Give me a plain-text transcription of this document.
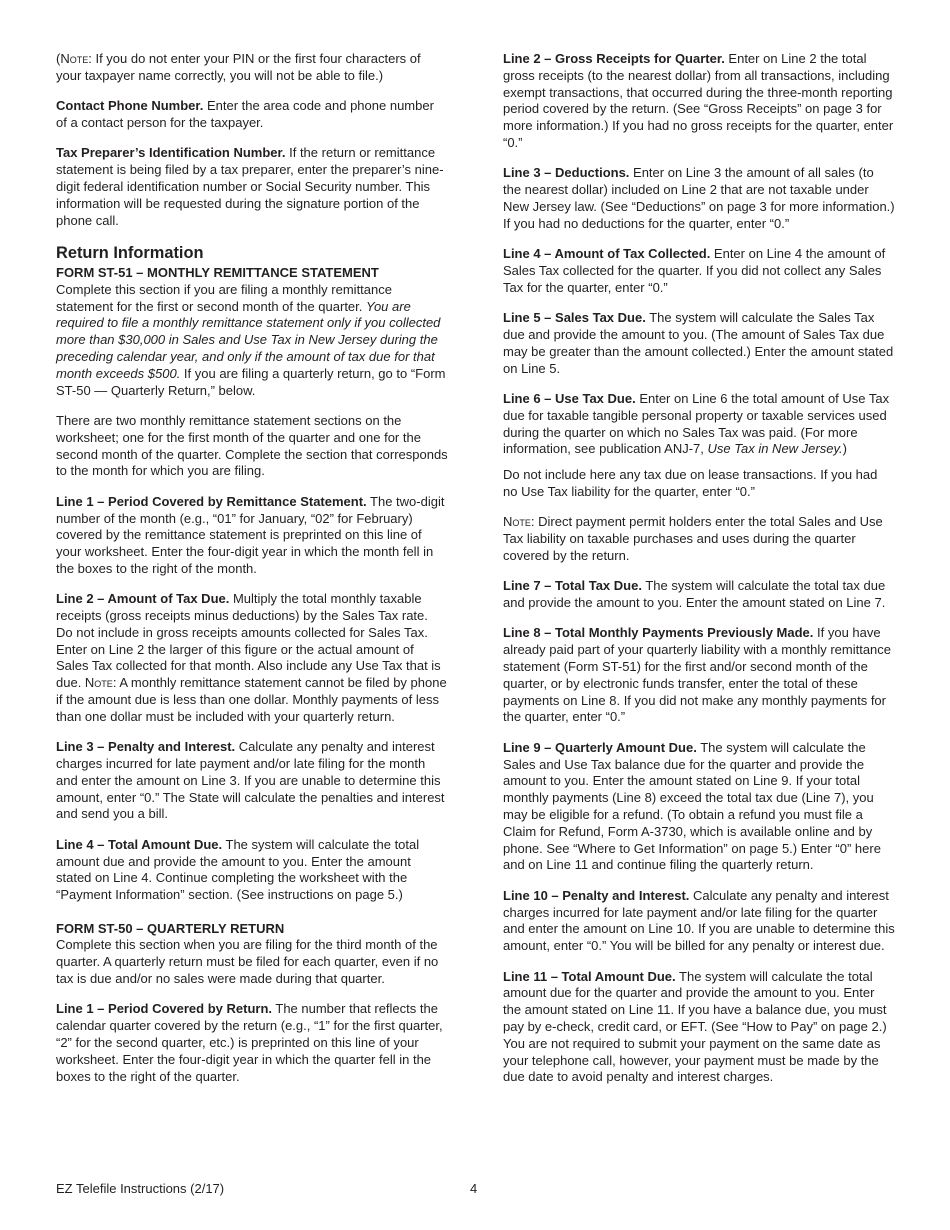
(Note: If you do not enter your PIN or the first four characters of your taxpayer name correctly, you will not be able to file.)

Contact Phone Number. Enter the area code and phone number of a contact person for the taxpayer.

Tax Preparer’s Identification Number. If the return or remittance statement is being filed by a tax preparer, enter the preparer’s nine-digit federal identification number or Social Security number. This information will be requested during the signature portion of the phone call.

Return Information
FORM ST-51 – MONTHLY REMITTANCE STATEMENT

Complete this section if you are filing a monthly remittance statement for the first or second month of the quarter. You are required to file a monthly remittance statement only if you collected more than $30,000 in Sales and Use Tax in New Jersey during the preceding calendar year, and only if the amount of tax due for that month exceeds $500. If you are filing a quarterly return, go to “Form ST-50 — Quarterly Return,” below.

There are two monthly remittance statement sections on the worksheet; one for the first month of the quarter and one for the second month of the quarter. Complete the section that corresponds to the month for which you are filing.

Line 1 – Period Covered by Remittance Statement. The two-digit number of the month (e.g., “01” for January, “02” for February) covered by the remittance statement is preprinted on this line of your worksheet. Enter the four-digit year in which the month fell in the boxes to the right of the month.

Line 2 – Amount of Tax Due. Multiply the total monthly taxable receipts (gross receipts minus deductions) by the Sales Tax rate. Do not include in gross receipts amounts collected for Sales Tax. Enter on Line 2 the larger of this figure or the actual amount of Sales Tax collected for that month. Also include any Use Tax that is due. Note: A monthly remittance statement cannot be filed by phone if the amount due is less than one dollar. Monthly payments of less than one dollar must be included with your quarterly return.

Line 3 – Penalty and Interest. Calculate any penalty and interest charges incurred for late payment and/or late filing for the month and enter the amount on Line 3. If you are unable to determine this amount, enter “0.” The State will calculate the penalties and interest and send you a bill.

Line 4 – Total Amount Due. The system will calculate the total amount due and provide the amount to you. Enter the amount stated on Line 4. Continue completing the worksheet with the “Payment Information” section. (See instructions on page 5.)

FORM ST-50 – QUARTERLY RETURN

Complete this section when you are filing for the third month of the quarter. A quarterly return must be filed for each quarter, even if no tax is due and/or no sales were made during that quarter.

Line 1 – Period Covered by Return. The number that reflects the calendar quarter covered by the return (e.g., “1” for the first quarter, “2” for the second quarter, etc.) is preprinted on this line of your worksheet. Enter the four-digit year in which the quarter fell in the boxes to the right of the quarter.

Line 2 – Gross Receipts for Quarter. Enter on Line 2 the total gross receipts (to the nearest dollar) from all transactions, including exempt transactions, that occurred during the three-month reporting period covered by the return. (See “Gross Receipts” on page 3 for more information.) If you had no gross receipts for the quarter, enter “0.”

Line 3 – Deductions. Enter on Line 3 the amount of all sales (to the nearest dollar) included on Line 2 that are not taxable under New Jersey law. (See “Deductions” on page 3 for more information.) If you had no deductions for the quarter, enter “0.”

Line 4 – Amount of Tax Collected. Enter on Line 4 the amount of Sales Tax collected for the quarter. If you did not collect any Sales Tax for the quarter, enter “0.”

Line 5 – Sales Tax Due. The system will calculate the Sales Tax due and provide the amount to you. (The amount of Sales Tax due may be greater than the amount collected.) Enter the amount stated on Line 5.

Line 6 – Use Tax Due. Enter on Line 6 the total amount of Use Tax due for taxable tangible personal property or taxable services used during the quarter on which no Sales Tax was paid. (For more information, see publication ANJ-7, Use Tax in New Jersey.)

Do not include here any tax due on lease transactions. If you had no Use Tax liability for the quarter, enter “0.”

Note: Direct payment permit holders enter the total Sales and Use Tax liability on taxable purchases and uses during the quarter covered by the return.

Line 7 – Total Tax Due. The system will calculate the total tax due and provide the amount to you. Enter the amount stated on Line 7.

Line 8 – Total Monthly Payments Previously Made. If you have already paid part of your quarterly liability with a monthly remittance statement (Form ST-51) for the first and/or second month of the quarter, or by electronic funds transfer, enter the total of these payments on Line 8. If you did not make any monthly payments for the quarter, enter “0.”

Line 9 – Quarterly Amount Due. The system will calculate the Sales and Use Tax balance due for the quarter and provide the amount to you. Enter the amount stated on Line 9. If your total monthly payments (Line 8) exceed the total tax due (Line 7), you may be eligible for a refund. (To obtain a refund you must file a Claim for Refund, Form A-3730, which is available online and by phone. See “Where to Get Information” on page 5.) Enter “0” here and on Line 11 and continue filing the quarterly return.

Line 10 – Penalty and Interest. Calculate any penalty and interest charges incurred for late payment and/or late filing for the quarter and enter the amount on Line 10. If you are unable to determine this amount, enter “0.” You will be billed for any penalty or interest due.

Line 11 – Total Amount Due. The system will calculate the total amount due for the quarter and provide the amount to you. Enter the amount stated on Line 11. If you have a balance due, you must pay by e-check, credit card, or EFT. (See “How to Pay” on page 2.) You are not required to submit your payment on the same date as your telephone call, however, your payment must be made by the due date to avoid penalty and interest charges.

EZ Telefile Instructions (2/17)	4
